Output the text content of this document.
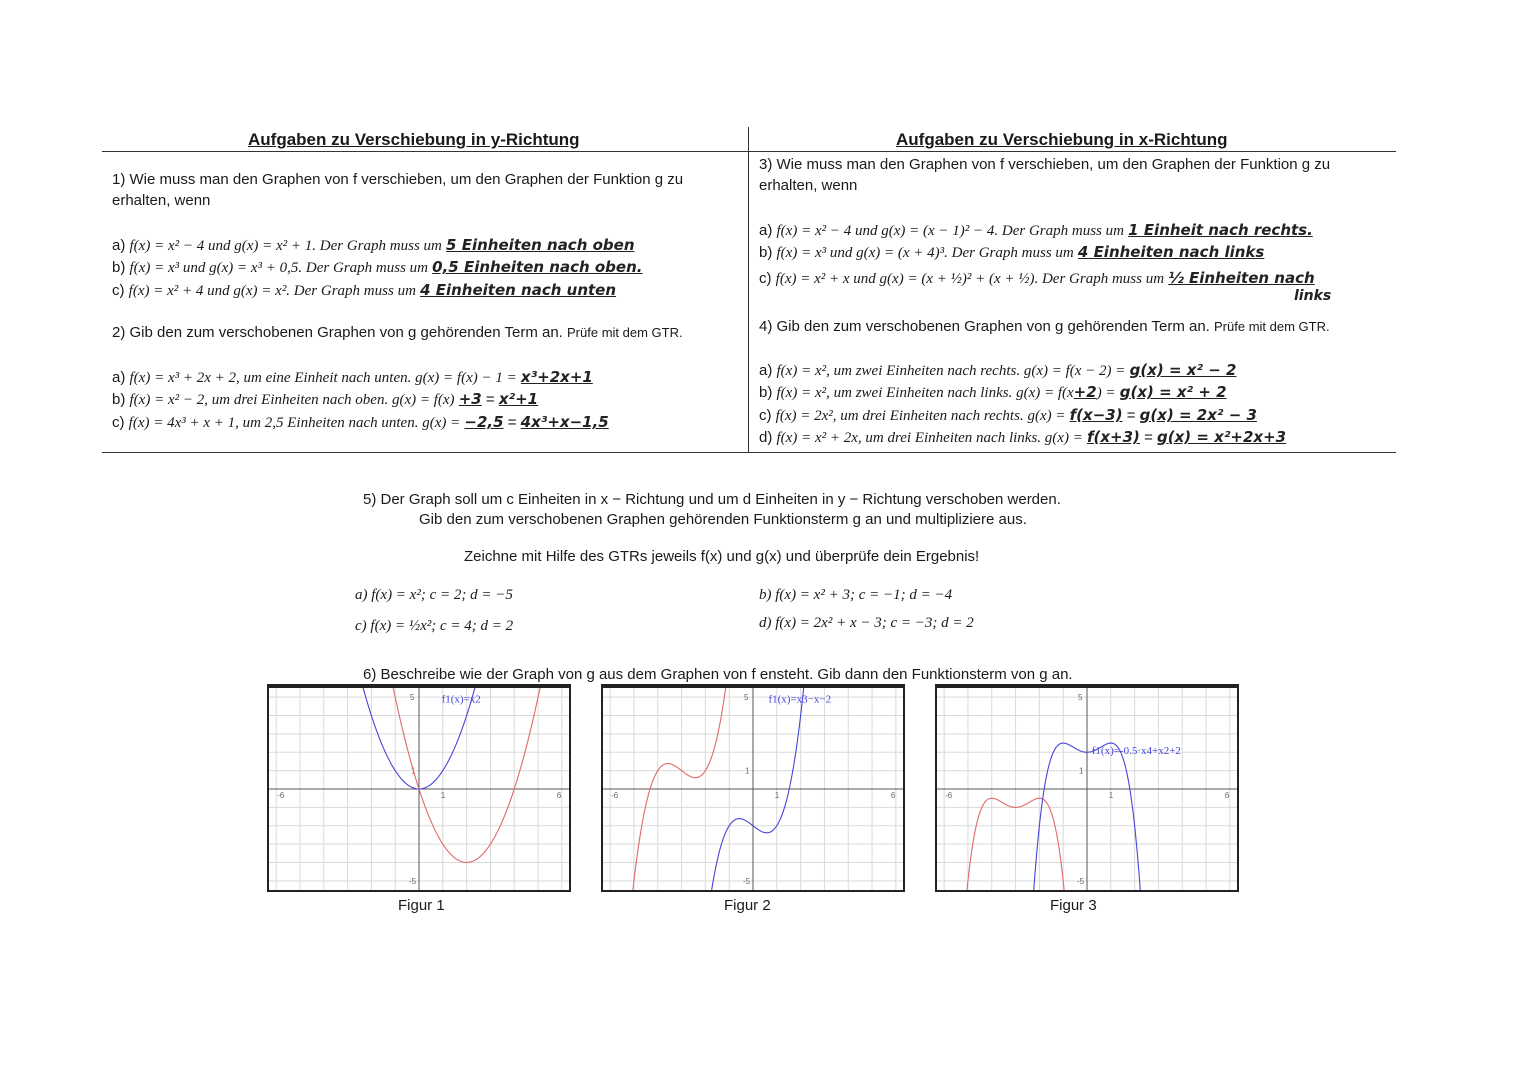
Aufgaben zu Verschiebung in y-Richtung
1) Wie muss man den Graphen von f verschieben, um den Graphen der Funktion g zu
erhalten, wenn
a) f(x) = x² − 4 und g(x) = x² + 1. Der Graph muss um 5 Einheiten nach oben
b) f(x) = x³ und g(x) = x³ + 0,5. Der Graph muss um 0,5 Einheiten nach oben.
c) f(x) = x² + 4 und g(x) = x². Der Graph muss um 4 Einheiten nach unten
2) Gib den zum verschobenen Graphen von g gehörenden Term an. Prüfe mit dem GTR.
a) f(x) = x³ + 2x + 2, um eine Einheit nach unten. g(x) = f(x) − 1 = x³+2x+1
b) f(x) = x² − 2, um drei Einheiten nach oben. g(x) = f(x) +3 = x²+1
c) f(x) = 4x³ + x + 1, um 2,5 Einheiten nach unten. g(x) = −2,5 = 4x³+x−1,5
Aufgaben zu Verschiebung in x-Richtung
3) Wie muss man den Graphen von f verschieben, um den Graphen der Funktion g zu
erhalten, wenn
a) f(x) = x² − 4 und g(x) = (x − 1)² − 4. Der Graph muss um 1 Einheit nach rechts.
b) f(x) = x³ und g(x) = (x + 4)³. Der Graph muss um 4 Einheiten nach links
c) f(x) = x² + x und g(x) = (x + ½)² + (x + ½). Der Graph muss um ½ Einheiten nach
links
4) Gib den zum verschobenen Graphen von g gehörenden Term an. Prüfe mit dem GTR.
a) f(x) = x², um zwei Einheiten nach rechts. g(x) = f(x − 2) = g(x) = x² − 2
b) f(x) = x², um zwei Einheiten nach links. g(x) = f(x+2) = g(x) = x² + 2
c) f(x) = 2x², um drei Einheiten nach rechts. g(x) = f(x−3) = g(x) = 2x² − 3
d) f(x) = x² + 2x, um drei Einheiten nach links. g(x) = f(x+3) = g(x) = x²+2x+3
5) Der Graph soll um c Einheiten in x − Richtung und um d Einheiten in y − Richtung verschoben werden.
Gib den zum verschobenen Graphen gehörenden Funktionsterm g an und multipliziere aus.
Zeichne mit Hilfe des GTRs jeweils f(x) und g(x) und überprüfe dein Ergebnis!
a) f(x) = x²; c = 2; d = −5	b) f(x) = x² + 3; c = −1; d = −4
c) f(x) = ½x²; c = 4; d = 2	d) f(x) = 2x² + x − 3; c = −3; d = 2
6) Beschreibe wie der Graph von g aus dem Graphen von f ensteht. Gib dann den Funktionsterm von g an.
5
-5
-6	6
1
1
f1(x)=x2
Figur 1
5
-5
-6	6
1
1
f1(x)=x3−x−2
Figur 2
5
-5
-6	6
1
1
f1(x)=-0.5·x4+x2+2
Figur 3
